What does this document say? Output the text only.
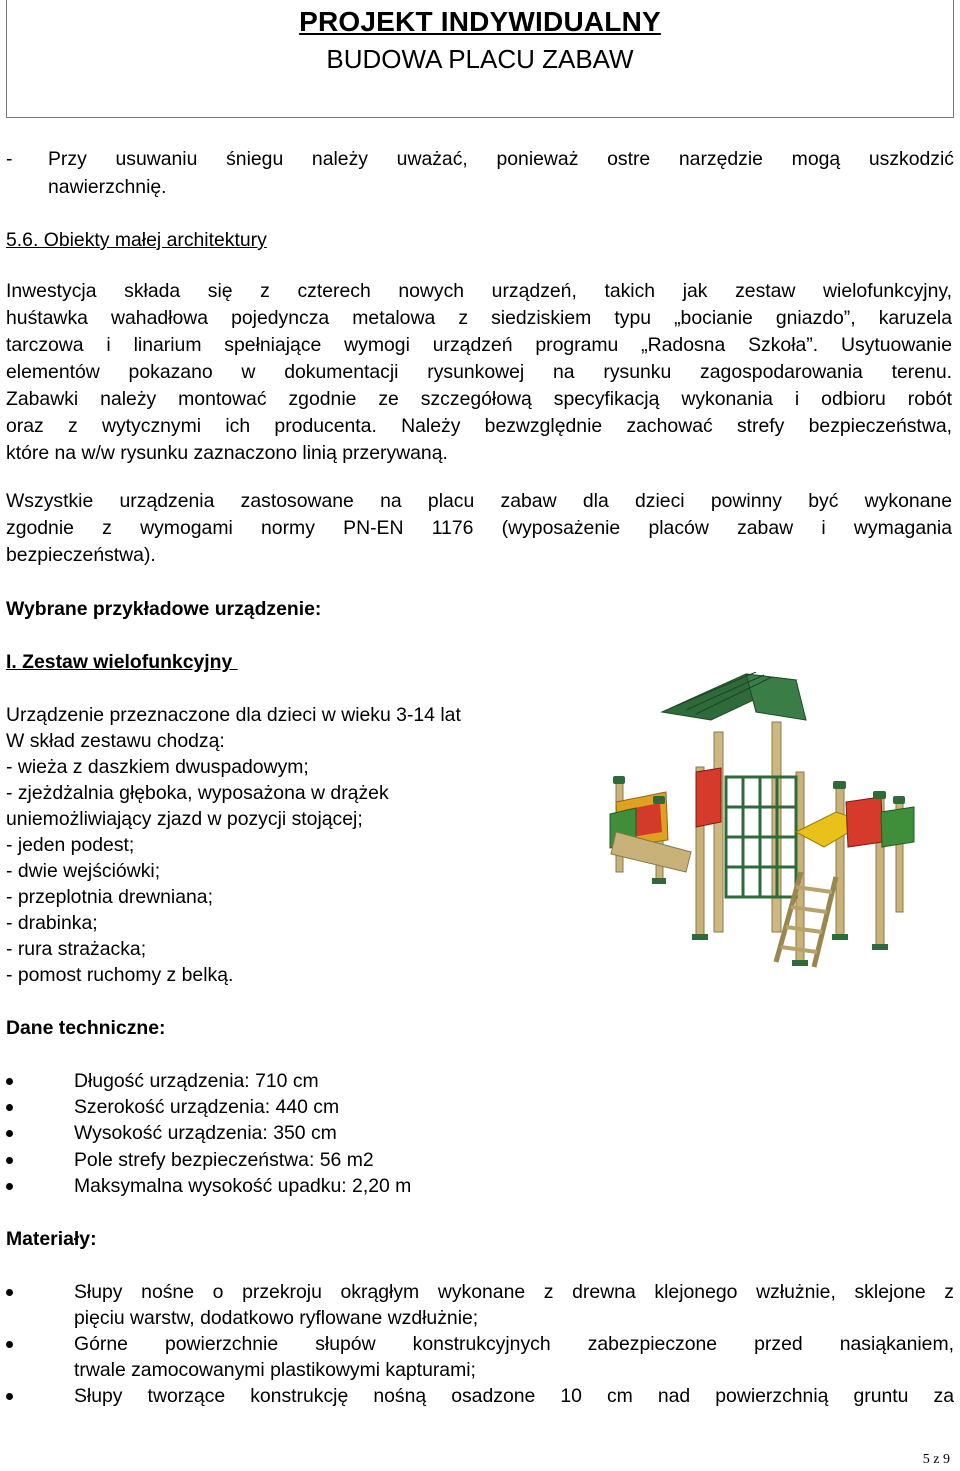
PROJEKT INDYWIDUALNY
BUDOWA PLACU ZABAW
- Przy usuwaniu śniegu należy uważać, ponieważ ostre narzędzie mogą uszkodzić
nawierzchnię.
5.6. Obiekty małej architektury
Inwestycja składa się z czterech nowych urządzeń, takich jak zestaw wielofunkcyjny,
huśtawka wahadłowa pojedyncza metalowa z siedziskiem typu „bocianie gniazdo”, karuzela
tarczowa i linarium spełniające wymogi urządzeń programu „Radosna Szkoła”. Usytuowanie
elementów pokazano w dokumentacji rysunkowej na rysunku zagospodarowania terenu.
Zabawki należy montować zgodnie ze szczegółową specyfikacją wykonania i odbioru robót
oraz z wytycznymi ich producenta. Należy bezwzględnie zachować strefy bezpieczeństwa,
które na w/w rysunku zaznaczono linią przerywaną.
Wszystkie urządzenia zastosowane na placu zabaw dla dzieci powinny być wykonane
zgodnie z wymogami normy PN-EN 1176 (wyposażenie placów zabaw i wymagania
bezpieczeństwa).
Wybrane przykładowe urządzenie:
I. Zestaw wielofunkcyjny
Urządzenie przeznaczone dla dzieci w wieku 3-14 lat
W skład zestawu chodzą:
- wieża z daszkiem dwuspadowym;
- zjeżdżalnia głęboka, wyposażona w drążek
uniemożliwiający zjazd w pozycji stojącej;
- jeden podest;
- dwie wejściówki;
- przeplotnia drewniana;
- drabinka;
- rura strażacka;
- pomost ruchomy z belką.
Dane techniczne:
Długość urządzenia: 710 cm
Szerokość urządzenia: 440 cm
Wysokość urządzenia: 350 cm
Pole strefy bezpieczeństwa: 56 m2
Maksymalna wysokość upadku: 2,20 m
Materiały:
Słupy nośne o przekroju okrągłym wykonane z drewna klejonego wzłużnie, sklejone z
pięciu warstw, dodatkowo ryflowane wzdłużnie;
Górne powierzchnie słupów konstrukcyjnych zabezpieczone przed nasiąkaniem,
trwale zamocowanymi plastikowymi kapturami;
Słupy tworzące konstrukcję nośną osadzone 10 cm nad powierzchnią gruntu za
5 z 9
